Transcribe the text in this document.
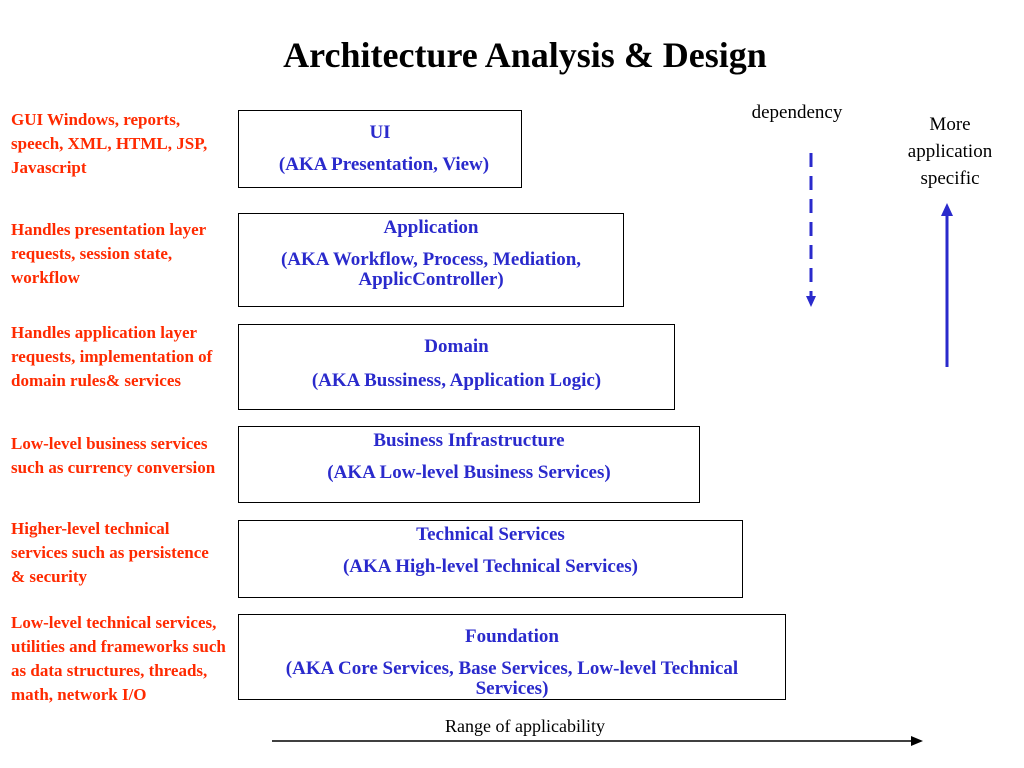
Architecture Analysis & Design
GUI Windows, reports, speech, XML, HTML, JSP, Javascript
Handles presentation layer requests, session state, workflow
Handles application layer requests, implementation of domain rules& services
Low-level business services such as currency conversion
Higher-level technical services such as persistence & security
Low-level technical services, utilities and frameworks such as data structures, threads, math, network I/O
UI
(AKA Presentation, View)
Application
(AKA Workflow, Process, Mediation, ApplicController)
Domain
(AKA Bussiness, Application Logic)
Business Infrastructure
(AKA Low-level Business Services)
Technical Services
(AKA High-level Technical Services)
Foundation
(AKA Core Services, Base Services, Low-level Technical Services)
dependency
More application specific
Range of applicability
